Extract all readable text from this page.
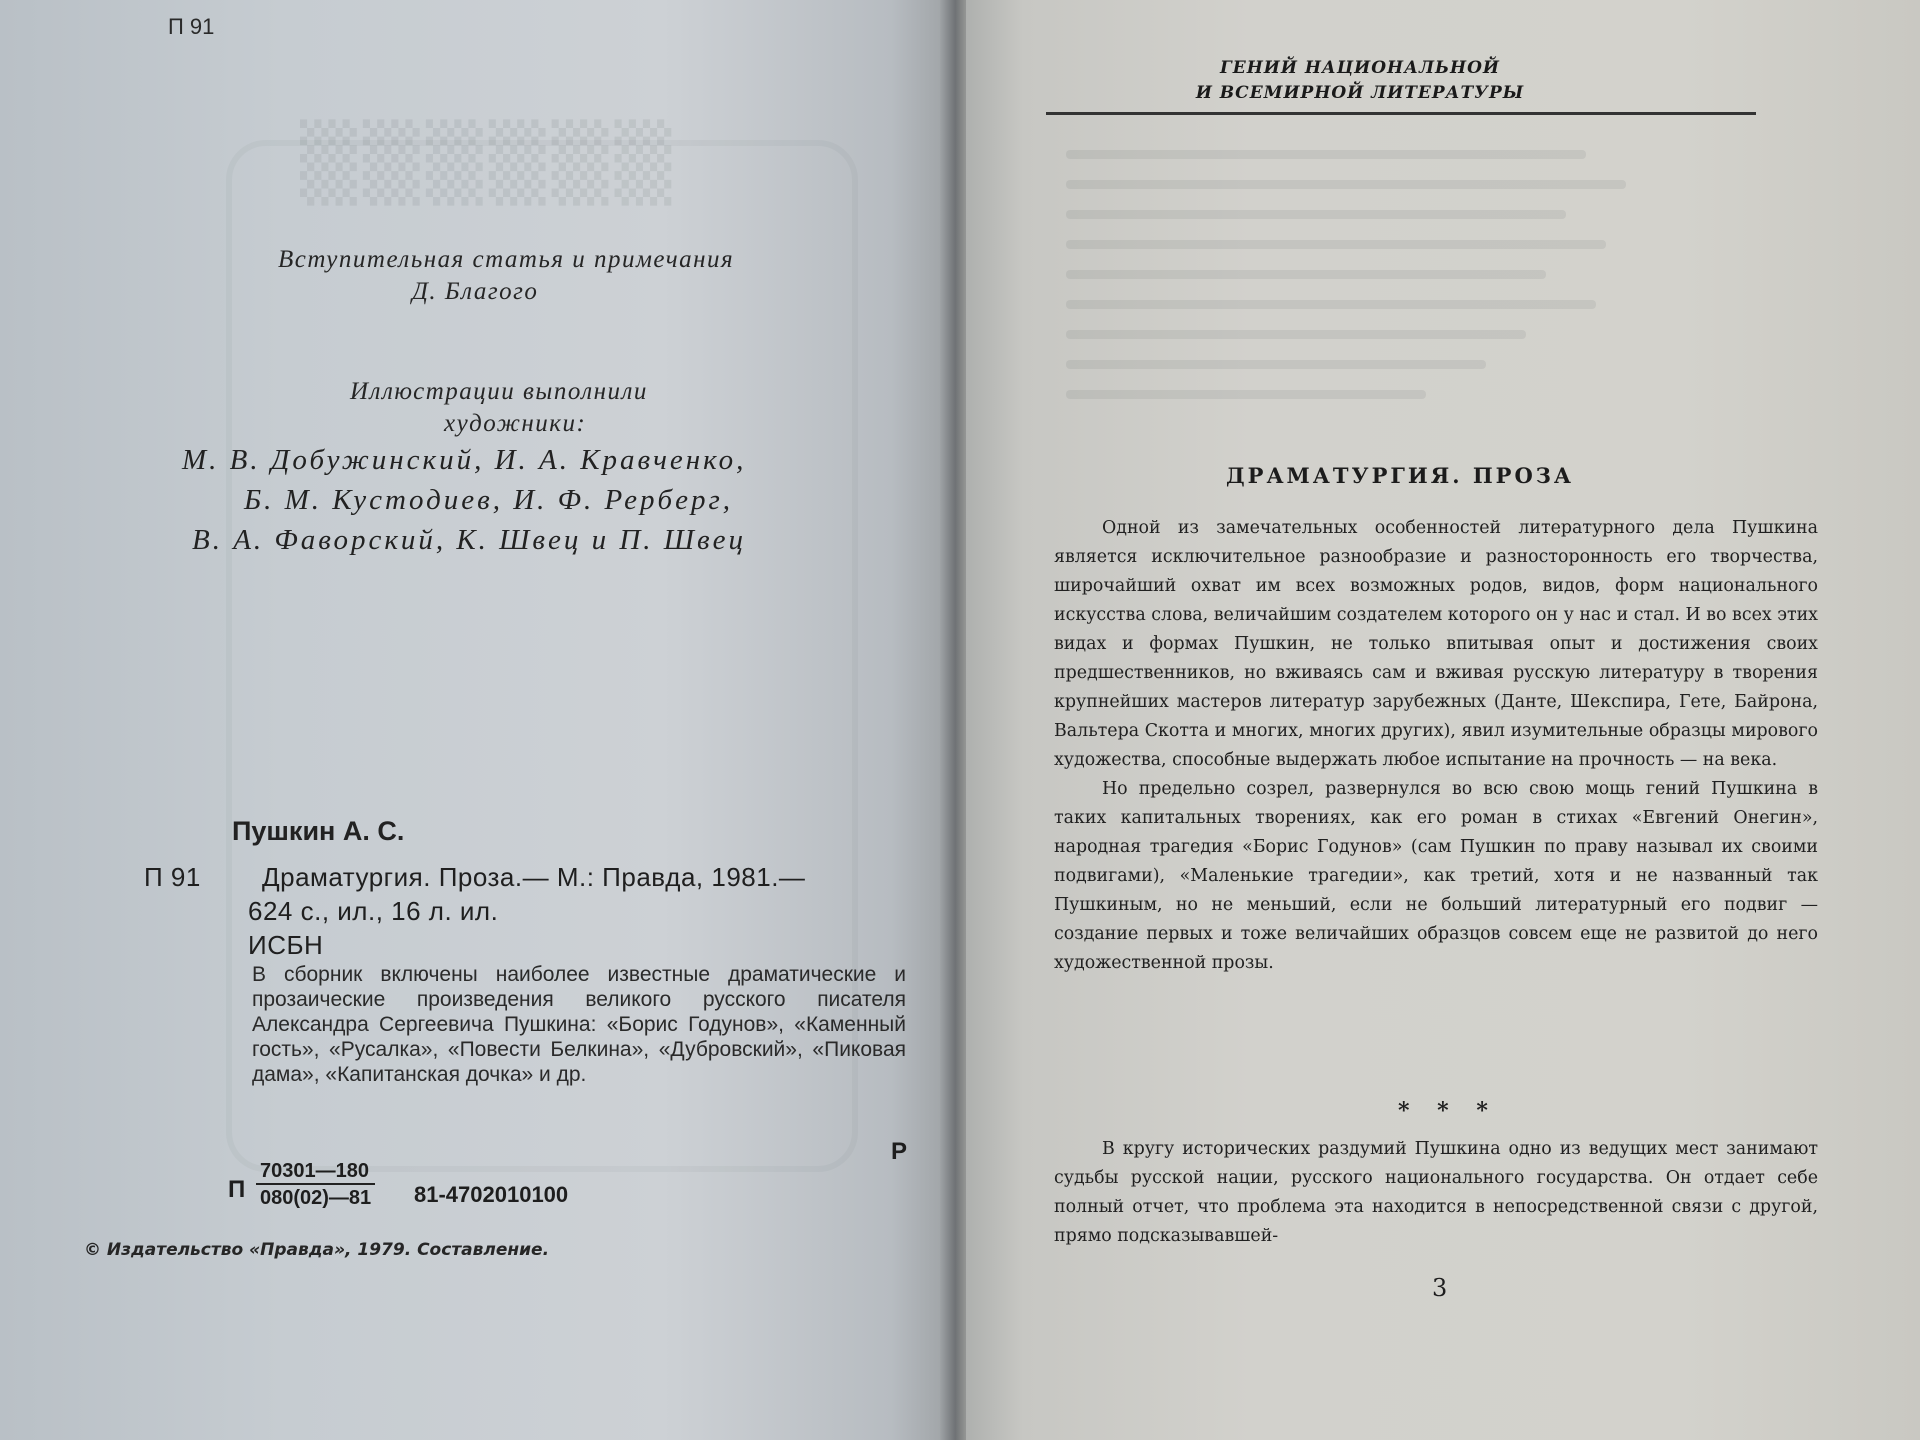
▒▒▒▒▒▒
П 91
Вступительная статья и примечания
Д. Благого
Иллюстрации выполнили
художники:
М. В. Добужинский, И. А. Кравченко,
Б. М. Кустодиев, И. Ф. Рерберг,
В. А. Фаворский, К. Швец и П. Швец
Пушкин А. С.
П 91 Драматургия. Проза.— М.: Правда, 1981.—
624 с., ил., 16 л. ил.
ИСБН
В сборник включены наиболее известные драматические и прозаические произведения великого русского писателя Александра Сергеевича Пушкина: «Борис Годунов», «Каменный гость», «Русалка», «Повести Белкина», «Дубровский», «Пиковая дама», «Капитанская дочка» и др.
Р
П $\frac{70301—180}{080(02)—81} 81-4702010100$
© Издательство «Правда», 1979. Составление.
ГЕНИЙ НАЦИОНАЛЬНОЙ
И ВСЕМИРНОЙ ЛИТЕРАТУРЫ
ДРАМАТУРГИЯ. ПРОЗА

Одной из замечательных особенностей литературного дела Пушкина является исключительное разнообразие и разносторонность его творчества, широчайший охват им всех возможных родов, видов, форм национального искусства слова, величайшим создателем которого он у нас и стал. И во всех этих видах и формах Пушкин, не только впитывая опыт и достижения своих предшественников, но вживаясь сам и вживая русскую литературу в творения крупнейших мастеров литератур зарубежных (Данте, Шекспира, Гете, Байрона, Вальтера Скотта и многих, многих других), явил изумительные образцы мирового художества, способные выдержать любое испытание на прочность — на века.

Но предельно созрел, развернулся во всю свою мощь гений Пушкина в таких капитальных творениях, как его роман в стихах «Евгений Онегин», народная трагедия «Борис Годунов» (сам Пушкин по праву называл их своими подвигами), «Маленькие трагедии», как третий, хотя и не названный так Пушкиным, но не меньший, если не больший литературный его подвиг — создание первых и тоже величайших образцов совсем еще не развитой до него художественной прозы.

* * *

В кругу исторических раздумий Пушкина одно из ведущих мест занимают судьбы русской нации, русского национального государства. Он отдает себе полный отчет, что проблема эта находится в непосредственной связи с другой, прямо подсказывавшей-

3
